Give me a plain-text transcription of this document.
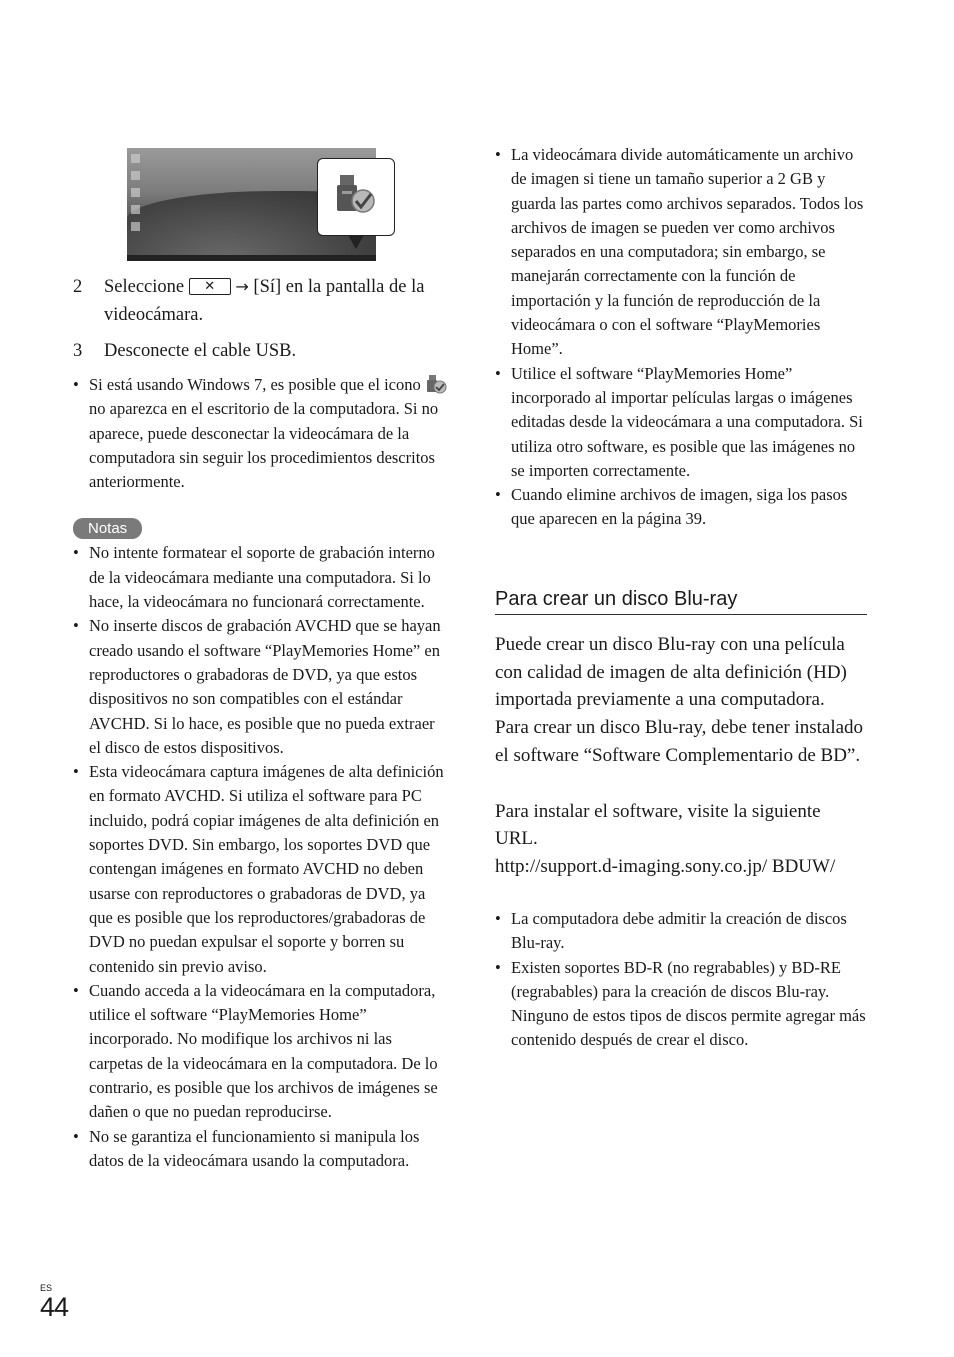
2	Seleccione ✕ → [Sí] en la pantalla de la videocámara.
3	Desconecte el cable USB.
• Si está usando Windows 7, es posible que el icono  no aparezca en el escritorio de la computadora. Si no aparece, puede desconectar la videocámara de la computadora sin seguir los procedimientos descritos anteriormente.
Notas
• No intente formatear el soporte de grabación interno de la videocámara mediante una computadora. Si lo hace, la videocámara no funcionará correctamente.
• No inserte discos de grabación AVCHD que se hayan creado usando el software “PlayMemories Home” en reproductores o grabadoras de DVD, ya que estos dispositivos no son compatibles con el estándar AVCHD. Si lo hace, es posible que no pueda extraer el disco de estos dispositivos.
• Esta videocámara captura imágenes de alta definición en formato AVCHD. Si utiliza el software para PC incluido, podrá copiar imágenes de alta definición en soportes DVD. Sin embargo, los soportes DVD que contengan imágenes en formato AVCHD no deben usarse con reproductores o grabadoras de DVD, ya que es posible que los reproductores/grabadoras de DVD no puedan expulsar el soporte y borren su contenido sin previo aviso.
• Cuando acceda a la videocámara en la computadora, utilice el software “PlayMemories Home” incorporado. No modifique los archivos ni las carpetas de la videocámara en la computadora. De lo contrario, es posible que los archivos de imágenes se dañen o que no puedan reproducirse.
• No se garantiza el funcionamiento si manipula los datos de la videocámara usando la computadora.
• La videocámara divide automáticamente un archivo de imagen si tiene un tamaño superior a 2 GB y guarda las partes como archivos separados. Todos los archivos de imagen se pueden ver como archivos separados en una computadora; sin embargo, se manejarán correctamente con la función de importación y la función de reproducción de la videocámara o con el software “PlayMemories Home”.
• Utilice el software “PlayMemories Home” incorporado al importar películas largas o imágenes editadas desde la videocámara a una computadora. Si utiliza otro software, es posible que las imágenes no se importen correctamente.
• Cuando elimine archivos de imagen, siga los pasos que aparecen en la página 39.
Para crear un disco Blu-ray

Puede crear un disco Blu-ray con una película con calidad de imagen de alta definición (HD) importada previamente a una computadora.

Para crear un disco Blu-ray, debe tener instalado el software “Software Complementario de BD”.

Para instalar el software, visite la siguiente URL.

http://support.d-imaging.sony.co.jp/ BDUW/

• La computadora debe admitir la creación de discos Blu-ray.
• Existen soportes BD-R (no regrabables) y BD-RE (regrabables) para la creación de discos Blu-ray. Ninguno de estos tipos de discos permite agregar más contenido después de crear el disco.
ES
44
